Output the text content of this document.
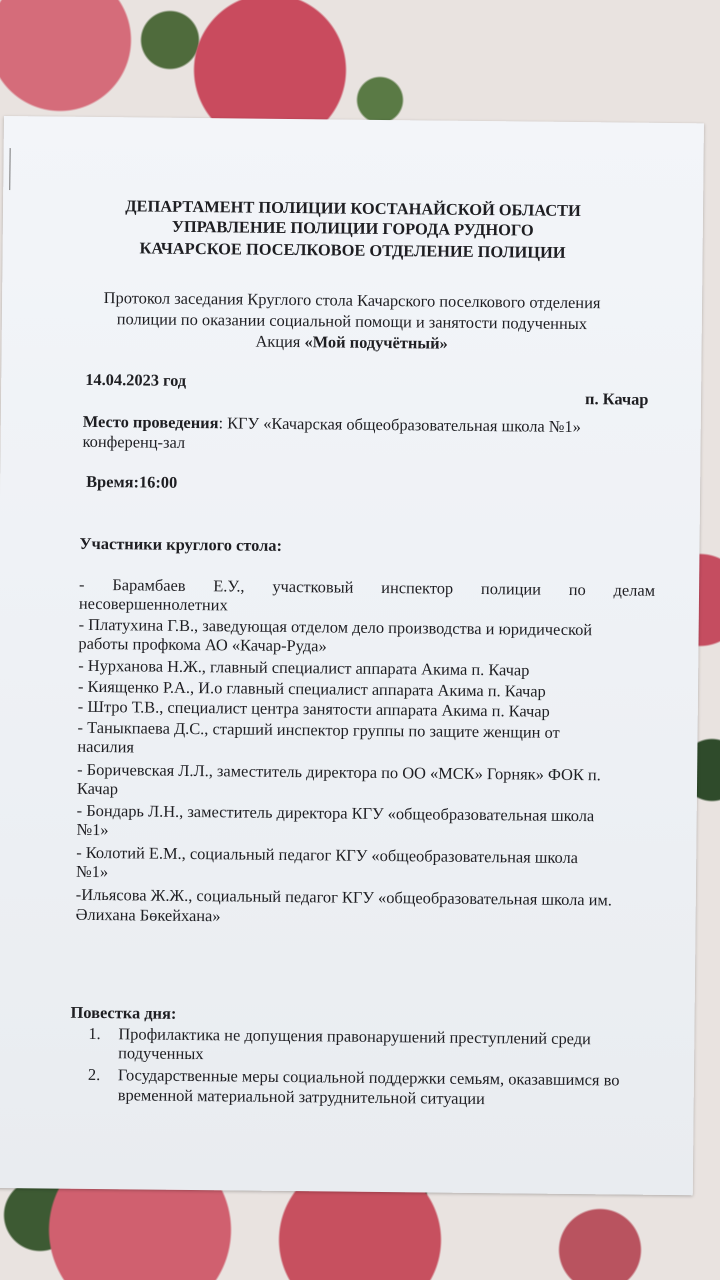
ДЕПАРТАМЕНТ ПОЛИЦИИ КОСТАНАЙСКОЙ ОБЛАСТИ
УПРАВЛЕНИЕ ПОЛИЦИИ ГОРОДА РУДНОГО
КАЧАРСКОЕ ПОСЕЛКОВОЕ ОТДЕЛЕНИЕ ПОЛИЦИИ
Протокол заседания Круглого стола Качарского поселкового отделения
полиции по оказании социальной помощи и занятости подученных
Акция «Мой подучётный»
14.04.2023 год
п. Качар
Место проведения: КГУ «Качарская общеобразовательная школа №1»
конференц-зал
Время:16:00
Участники круглого стола:
- Барамбаев Е.У., участковый инспектор полиции по делам
несовершеннолетних
- Платухина Г.В., заведующая отделом дело производства и юридической
работы профкома АО «Качар-Руда»
- Нурханова Н.Ж., главный специалист аппарата Акима п. Качар
- Киященко Р.А., И.о главный специалист аппарата Акима п. Качар
- Штро Т.В., специалист центра занятости аппарата Акима п. Качар
- Таныкпаева Д.С., старший инспектор группы по защите женщин от
насилия
- Боричевская Л.Л., заместитель директора по ОО «МСК» Горняк» ФОК п.
Качар
- Бондарь Л.Н., заместитель директора КГУ «общеобразовательная школа
№1»
- Колотий Е.М., социальный педагог КГУ «общеобразовательная школа
№1»
-Ильясова Ж.Ж., социальный педагог КГУ «общеобразовательная школа им.
Әлихана Бөкейхана»
Повестка дня:
1. Профилактика не допущения правонарушений преступлений среди
подученных
2. Государственные меры социальной поддержки семьям, оказавшимся во
временной материальной затруднительной ситуации
